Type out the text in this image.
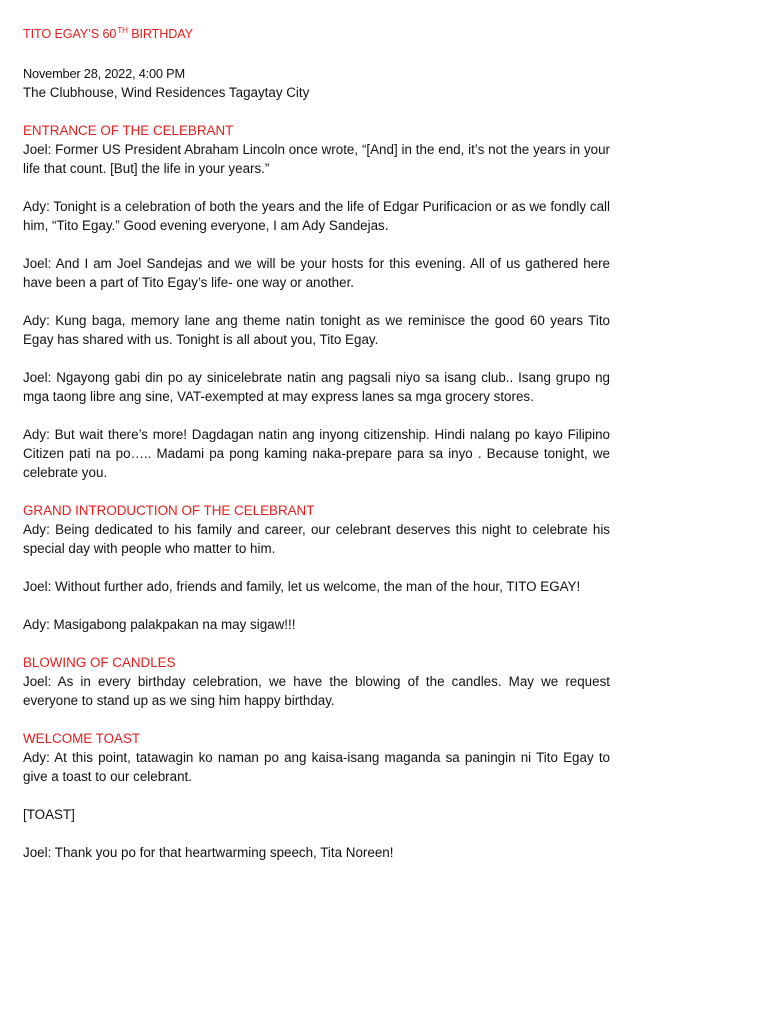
TITO EGAY’S 60TH BIRTHDAY

November 28, 2022, 4:00 PM

The Clubhouse, Wind Residences Tagaytay City

ENTRANCE OF THE CELEBRANT

Joel: Former US President Abraham Lincoln once wrote, “[And] in the end, it’s not the years in your life that count. [But] the life in your years.”

Ady: Tonight is a celebration of both the years and the life of Edgar Purificacion or as we fondly call him, “Tito Egay.” Good evening everyone, I am Ady Sandejas.

Joel: And I am Joel Sandejas and we will be your hosts for this evening. All of us gathered here have been a part of Tito Egay’s life- one way or another.

Ady: Kung baga, memory lane ang theme natin tonight as we reminisce the good 60 years Tito Egay has shared with us. Tonight is all about you, Tito Egay.

Joel: Ngayong gabi din po ay sinicelebrate natin ang pagsali niyo sa isang club.. Isang grupo ng mga taong libre ang sine, VAT-exempted at may express lanes sa mga grocery stores.

Ady: But wait there’s more! Dagdagan natin ang inyong citizenship. Hindi nalang po kayo Filipino Citizen pati na po….. Madami pa pong kaming naka-prepare para sa inyo . Because tonight, we celebrate you.

GRAND INTRODUCTION OF THE CELEBRANT

Ady: Being dedicated to his family and career, our celebrant deserves this night to celebrate his special day with people who matter to him.

Joel: Without further ado, friends and family, let us welcome, the man of the hour, TITO EGAY!

Ady: Masigabong palakpakan na may sigaw!!!

BLOWING OF CANDLES

Joel: As in every birthday celebration, we have the blowing of the candles. May we request everyone to stand up as we sing him happy birthday.

WELCOME TOAST

Ady: At this point, tatawagin ko naman po ang kaisa-isang maganda sa paningin ni Tito Egay to give a toast to our celebrant.

[TOAST]

Joel: Thank you po for that heartwarming speech, Tita Noreen!
